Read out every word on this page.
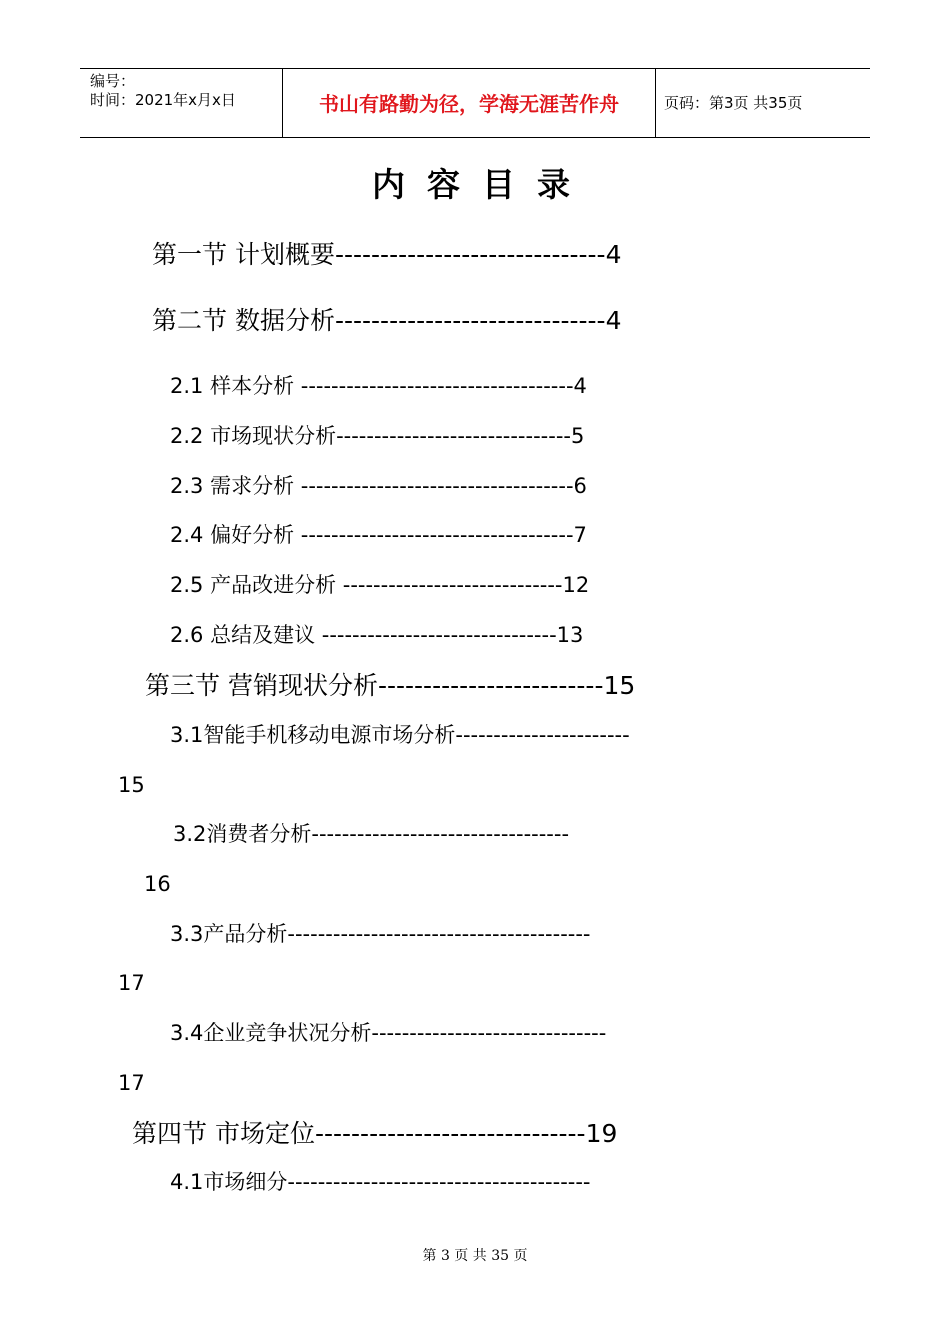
编号：
时间：2021年x月x日	书山有路勤为径，学海无涯苦作舟	页码：第3页 共35页
内容目录
第一节 计划概要------------------------------4
第二节 数据分析------------------------------4
2.1 样本分析 ------------------------------------4
2.2 市场现状分析-------------------------------5
2.3 需求分析 ------------------------------------6
2.4 偏好分析 ------------------------------------7
2.5 产品改进分析 -----------------------------12
2.6 总结及建议 -------------------------------13
第三节 营销现状分析-------------------------15
3.1智能手机移动电源市场分析-----------------------
15
3.2消费者分析----------------------------------
16
3.3产品分析----------------------------------------
17
3.4企业竞争状况分析-------------------------------
17
第四节 市场定位------------------------------19
4.1市场细分----------------------------------------
第 3 页 共 35 页
